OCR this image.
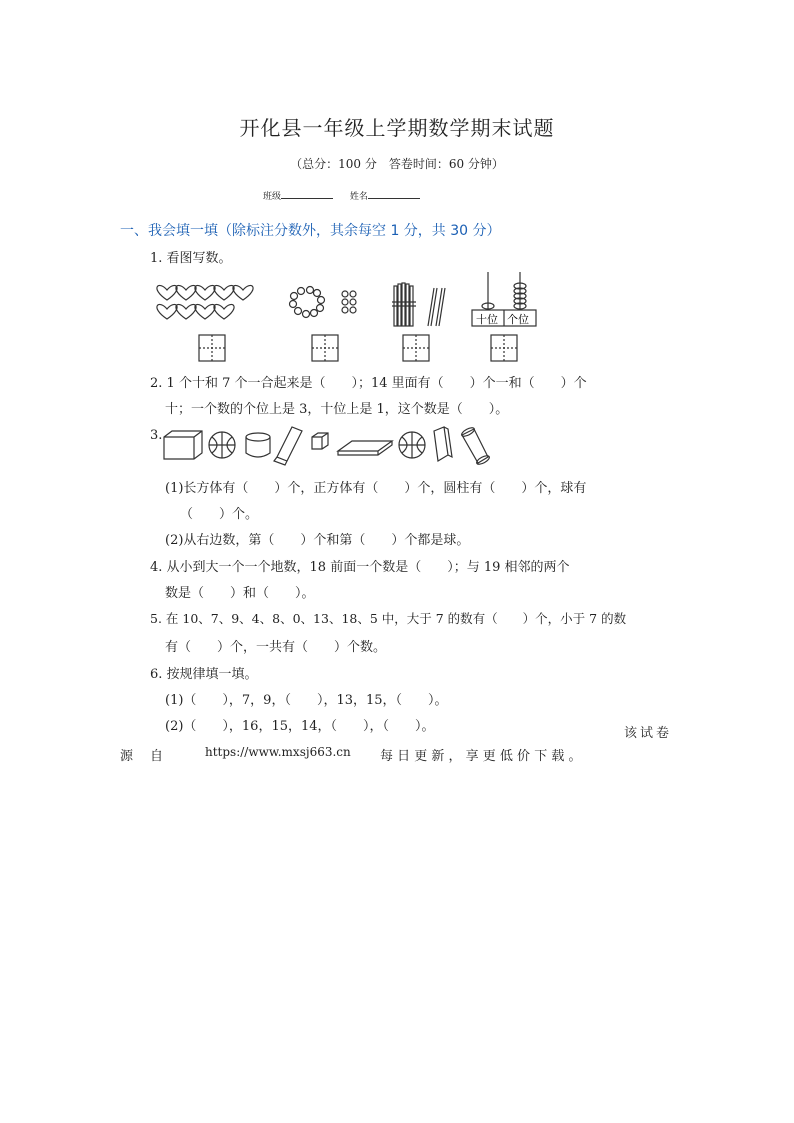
开化县一年级上学期数学期末试题
（总分：100 分　答卷时间：60 分钟）
班级	姓名
一、我会填一填（除标注分数外，其余每空 1 分，共 30 分）
1. 看图写数。
十位 个位
2. 1 个十和 7 个一合起来是（　　）；14 里面有（　　）个一和（　　）个
十；一个数的个位上是 3，十位上是 1，这个数是（　　）。
3.
(1)长方体有（　　）个，正方体有（　　）个，圆柱有（　　）个，球有
（　　）个。
(2)从右边数，第（　　）个和第（　　）个都是球。
4. 从小到大一个一个地数，18 前面一个数是（　　）；与 19 相邻的两个
数是（　　）和（　　）。
5. 在 10、7、9、4、8、0、13、18、5 中，大于 7 的数有（　　）个，小于 7 的数
有（　　）个，一共有（　　）个数。
6. 按规律填一填。
(1)（　　），7，9，（　　），13，15，（　　）。
(2)（　　），16，15，14，（　　），（　　）。	该试卷
源　自	https://www.mxsj663.cn 每 日 更 新 ， 享 更 低 价 下 载 。
